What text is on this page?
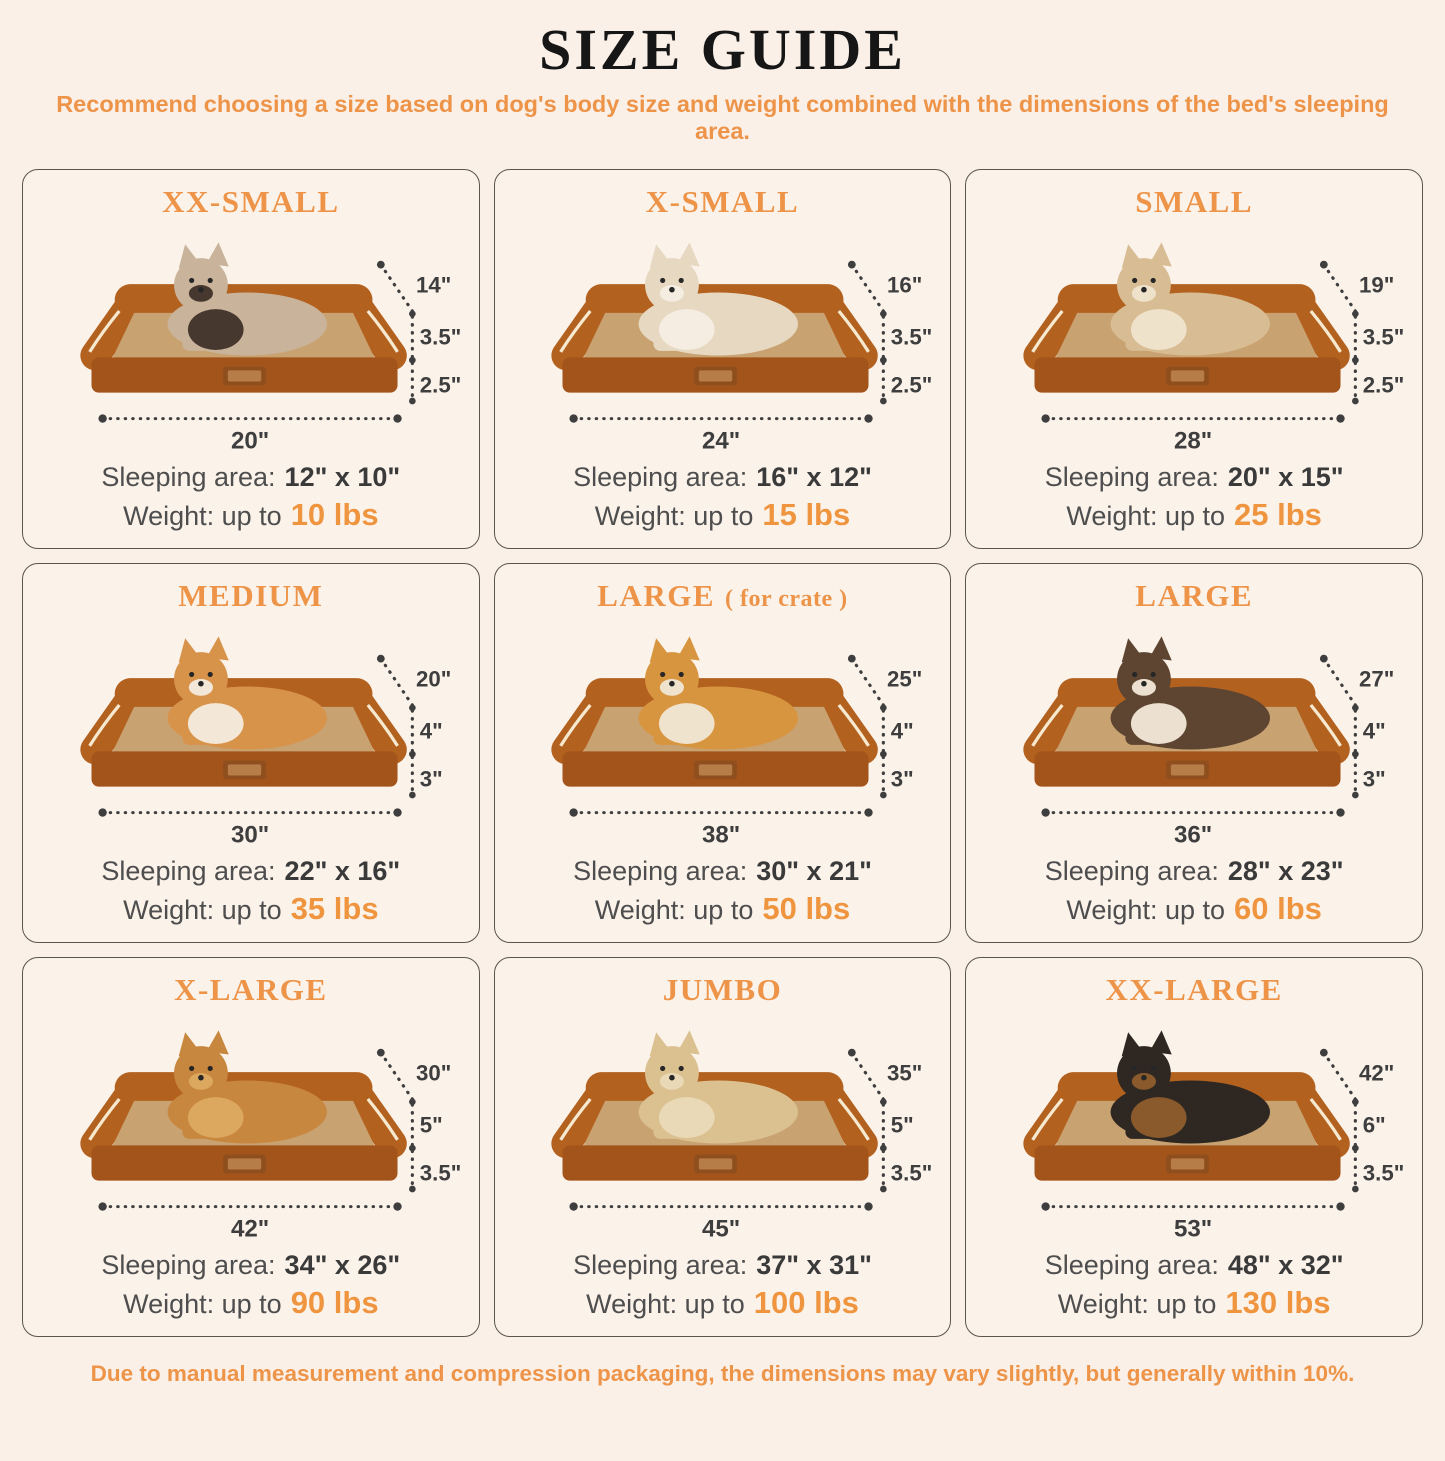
SIZE GUIDE

Recommend choosing a size based on dog's body size and weight combined with the dimensions of the bed's sleeping area.

XX-SMALL
14"
3.5"
2.5"
20"
Sleeping area: 12" x 10"
Weight: up to 10 lbs
X-SMALL
16"
3.5"
2.5"
24"
Sleeping area: 16" x 12"
Weight: up to 15 lbs
SMALL
19"
3.5"
2.5"
28"
Sleeping area: 20" x 15"
Weight: up to 25 lbs
MEDIUM
20"
4"
3"
30"
Sleeping area: 22" x 16"
Weight: up to 35 lbs
LARGE ( for crate )
25"
4"
3"
38"
Sleeping area: 30" x 21"
Weight: up to 50 lbs
LARGE
27"
4"
3"
36"
Sleeping area: 28" x 23"
Weight: up to 60 lbs
X-LARGE
30"
5"
3.5"
42"
Sleeping area: 34" x 26"
Weight: up to 90 lbs
JUMBO
35"
5"
3.5"
45"
Sleeping area: 37" x 31"
Weight: up to 100 lbs
XX-LARGE
42"
6"
3.5"
53"
Sleeping area: 48" x 32"
Weight: up to 130 lbs

Due to manual measurement and compression packaging, the dimensions may vary slightly, but generally within 10%.
